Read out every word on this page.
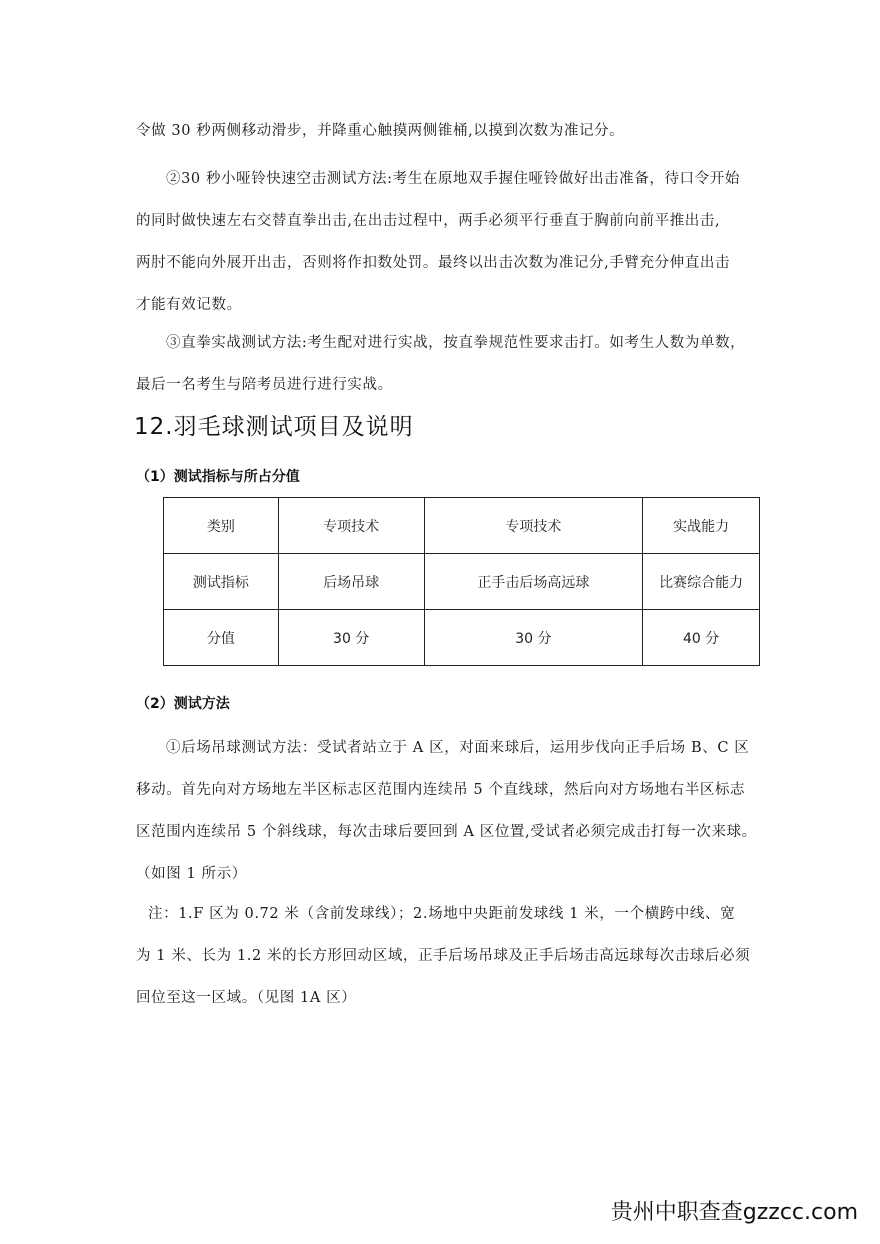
令做 30 秒两侧移动滑步，并降重心触摸两侧锥桶,以摸到次数为准记分。
②30 秒小哑铃快速空击测试方法:考生在原地双手握住哑铃做好出击准备，待口令开始
的同时做快速左右交替直拳出击,在出击过程中，两手必须平行垂直于胸前向前平推出击,
两肘不能向外展开出击，否则将作扣数处罚。最终以出击次数为准记分,手臂充分伸直出击
才能有效记数。
③直拳实战测试方法:考生配对进行实战，按直拳规范性要求击打。如考生人数为单数，
最后一名考生与陪考员进行进行实战。
12.羽毛球测试项目及说明
（1）测试指标与所占分值
类别	专项技术	专项技术	实战能力
测试指标	后场吊球	正手击后场高远球	比赛综合能力
分值	30 分	30 分	40 分
（2）测试方法
①后场吊球测试方法：受试者站立于 A 区，对面来球后，运用步伐向正手后场 B、C 区
移动。首先向对方场地左半区标志区范围内连续吊 5 个直线球，然后向对方场地右半区标志
区范围内连续吊 5 个斜线球，每次击球后要回到 A 区位置,受试者必须完成击打每一次来球。
（如图 1 所示）
注：1.F 区为 0.72 米（含前发球线）；2.场地中央距前发球线 1 米，一个横跨中线、宽
为 1 米、长为 1.2 米的长方形回动区域，正手后场吊球及正手后场击高远球每次击球后必须
回位至这一区域。（见图 1A 区）
贵州中职查查gzzcc.com
